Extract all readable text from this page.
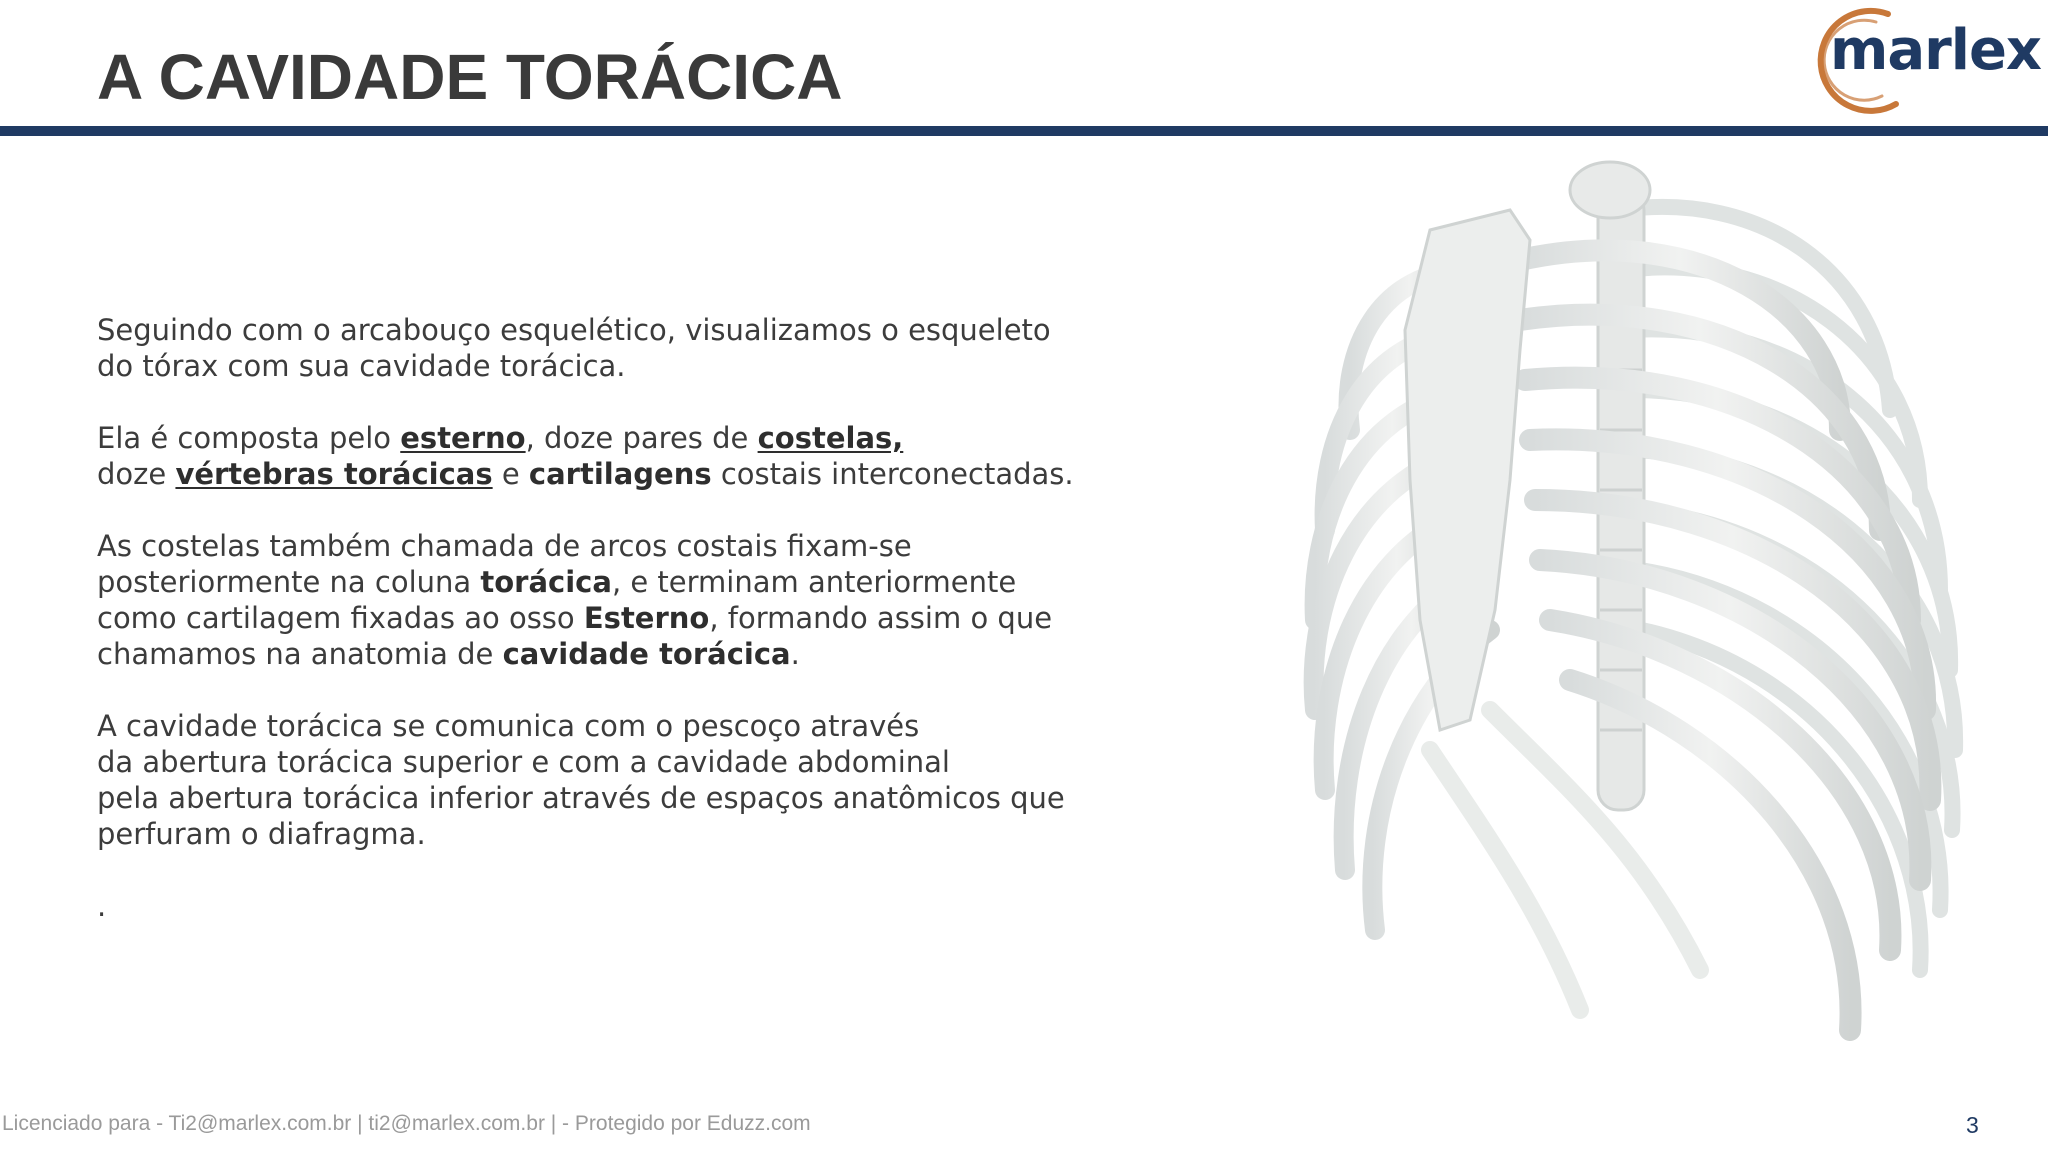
A CAVIDADE TORÁCICA	marlex

Seguindo com o arcabouço esquelético, visualizamos o esqueleto
do tórax com sua cavidade torácica.

Ela é composta pelo esterno, doze pares de costelas,
doze vértebras torácicas e cartilagens costais interconectadas.

As costelas também chamada de arcos costais fixam-se
posteriormente na coluna torácica, e terminam anteriormente
como cartilagem fixadas ao osso Esterno, formando assim o que
chamamos na anatomia de cavidade torácica.

A cavidade torácica se comunica com o pescoço através
da abertura torácica superior e com a cavidade abdominal
pela abertura torácica inferior através de espaços anatômicos que
perfuram o diafragma.

.

Licenciado para - Ti2@marlex.com.br | ti2@marlex.com.br | - Protegido por Eduzz.com	3
